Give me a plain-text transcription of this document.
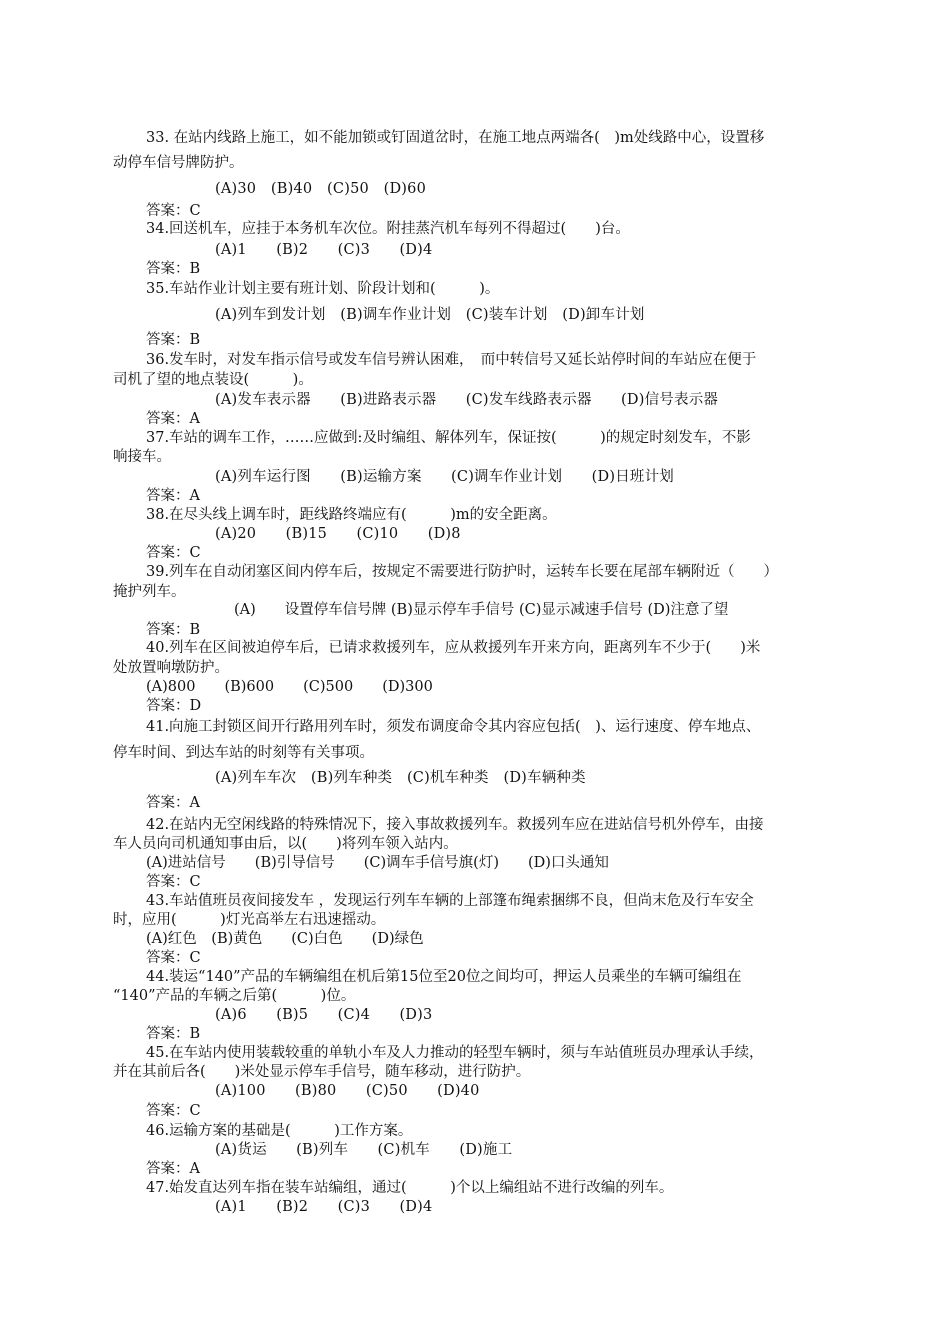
33. 在站内线路上施工，如不能加锁或钉固道岔时，在施工地点两端各(　)m处线路中心，设置移
动停车信号牌防护。
(A)30　(B)40　(C)50　(D)60
答案：C
34.回送机车，应挂于本务机车次位。附挂蒸汽机车每列不得超过(　　)台。
(A)1　　(B)2　　(C)3　　(D)4
答案：B
35.车站作业计划主要有班计划、阶段计划和(　　　)。
(A)列车到发计划　(B)调车作业计划　(C)装车计划　(D)卸车计划
答案：B
36.发车时，对发车指示信号或发车信号辨认困难，　而中转信号又延长站停时间的车站应在便于
司机了望的地点装设(　　　)。
(A)发车表示器　　(B)进路表示器　　(C)发车线路表示器　　(D)信号表示器
答案：A
37.车站的调车工作，……应做到:及时编组、解体列车，保证按(　　　)的规定时刻发车，不影
响接车。
(A)列车运行图　　(B)运输方案　　(C)调车作业计划　　(D)日班计划
答案：A
38.在尽头线上调车时，距线路终端应有(　　　)m的安全距离。
(A)20　　(B)15　　(C)10　　(D)8
答案：C
39.列车在自动闭塞区间内停车后，按规定不需要进行防护时，运转车长要在尾部车辆附近（　　）
掩护列车。
(A)　　设置停车信号牌 (B)显示停车手信号 (C)显示减速手信号 (D)注意了望
答案：B
40.列车在区间被迫停车后，已请求救援列车，应从救援列车开来方向，距离列车不少于(　　)米
处放置响墩防护。
(A)800　　(B)600　　(C)500　　(D)300
答案：D
41.向施工封锁区间开行路用列车时，须发布调度命令其内容应包括(　)、运行速度、停车地点、
停车时间、到达车站的时刻等有关事项。
(A)列车车次　(B)列车种类　(C)机车种类　(D)车辆种类
答案：A
42.在站内无空闲线路的特殊情况下，接入事故救援列车。救援列车应在进站信号机外停车，由接
车人员向司机通知事由后，以(　　)将列车领入站内。
(A)进站信号　　(B)引导信号　　(C)调车手信号旗(灯)　　(D)口头通知
答案：C
43.车站值班员夜间接发车 ，发现运行列车车辆的上部篷布绳索捆绑不良，但尚末危及行车安全
时，应用(　　　)灯光高举左右迅速摇动。
(A)红色　(B)黄色　　(C)白色　　(D)绿色
答案：C
44.装运“140”产品的车辆编组在机后第15位至20位之间均可，押运人员乘坐的车辆可编组在
“140”产品的车辆之后第(　　　)位。
(A)6　　(B)5　　(C)4　　(D)3
答案：B
45.在车站内使用装载较重的单轨小车及人力推动的轻型车辆时，须与车站值班员办理承认手续，
并在其前后各(　　)米处显示停车手信号，随车移动，进行防护。
(A)100　　(B)80　　(C)50　　(D)40
答案：C
46.运输方案的基础是(　　　)工作方案。
(A)货运　　(B)列车　　(C)机车　　(D)施工
答案：A
47.始发直达列车指在装车站编组，通过(　　　)个以上编组站不进行改编的列车。
(A)1　　(B)2　　(C)3　　(D)4
